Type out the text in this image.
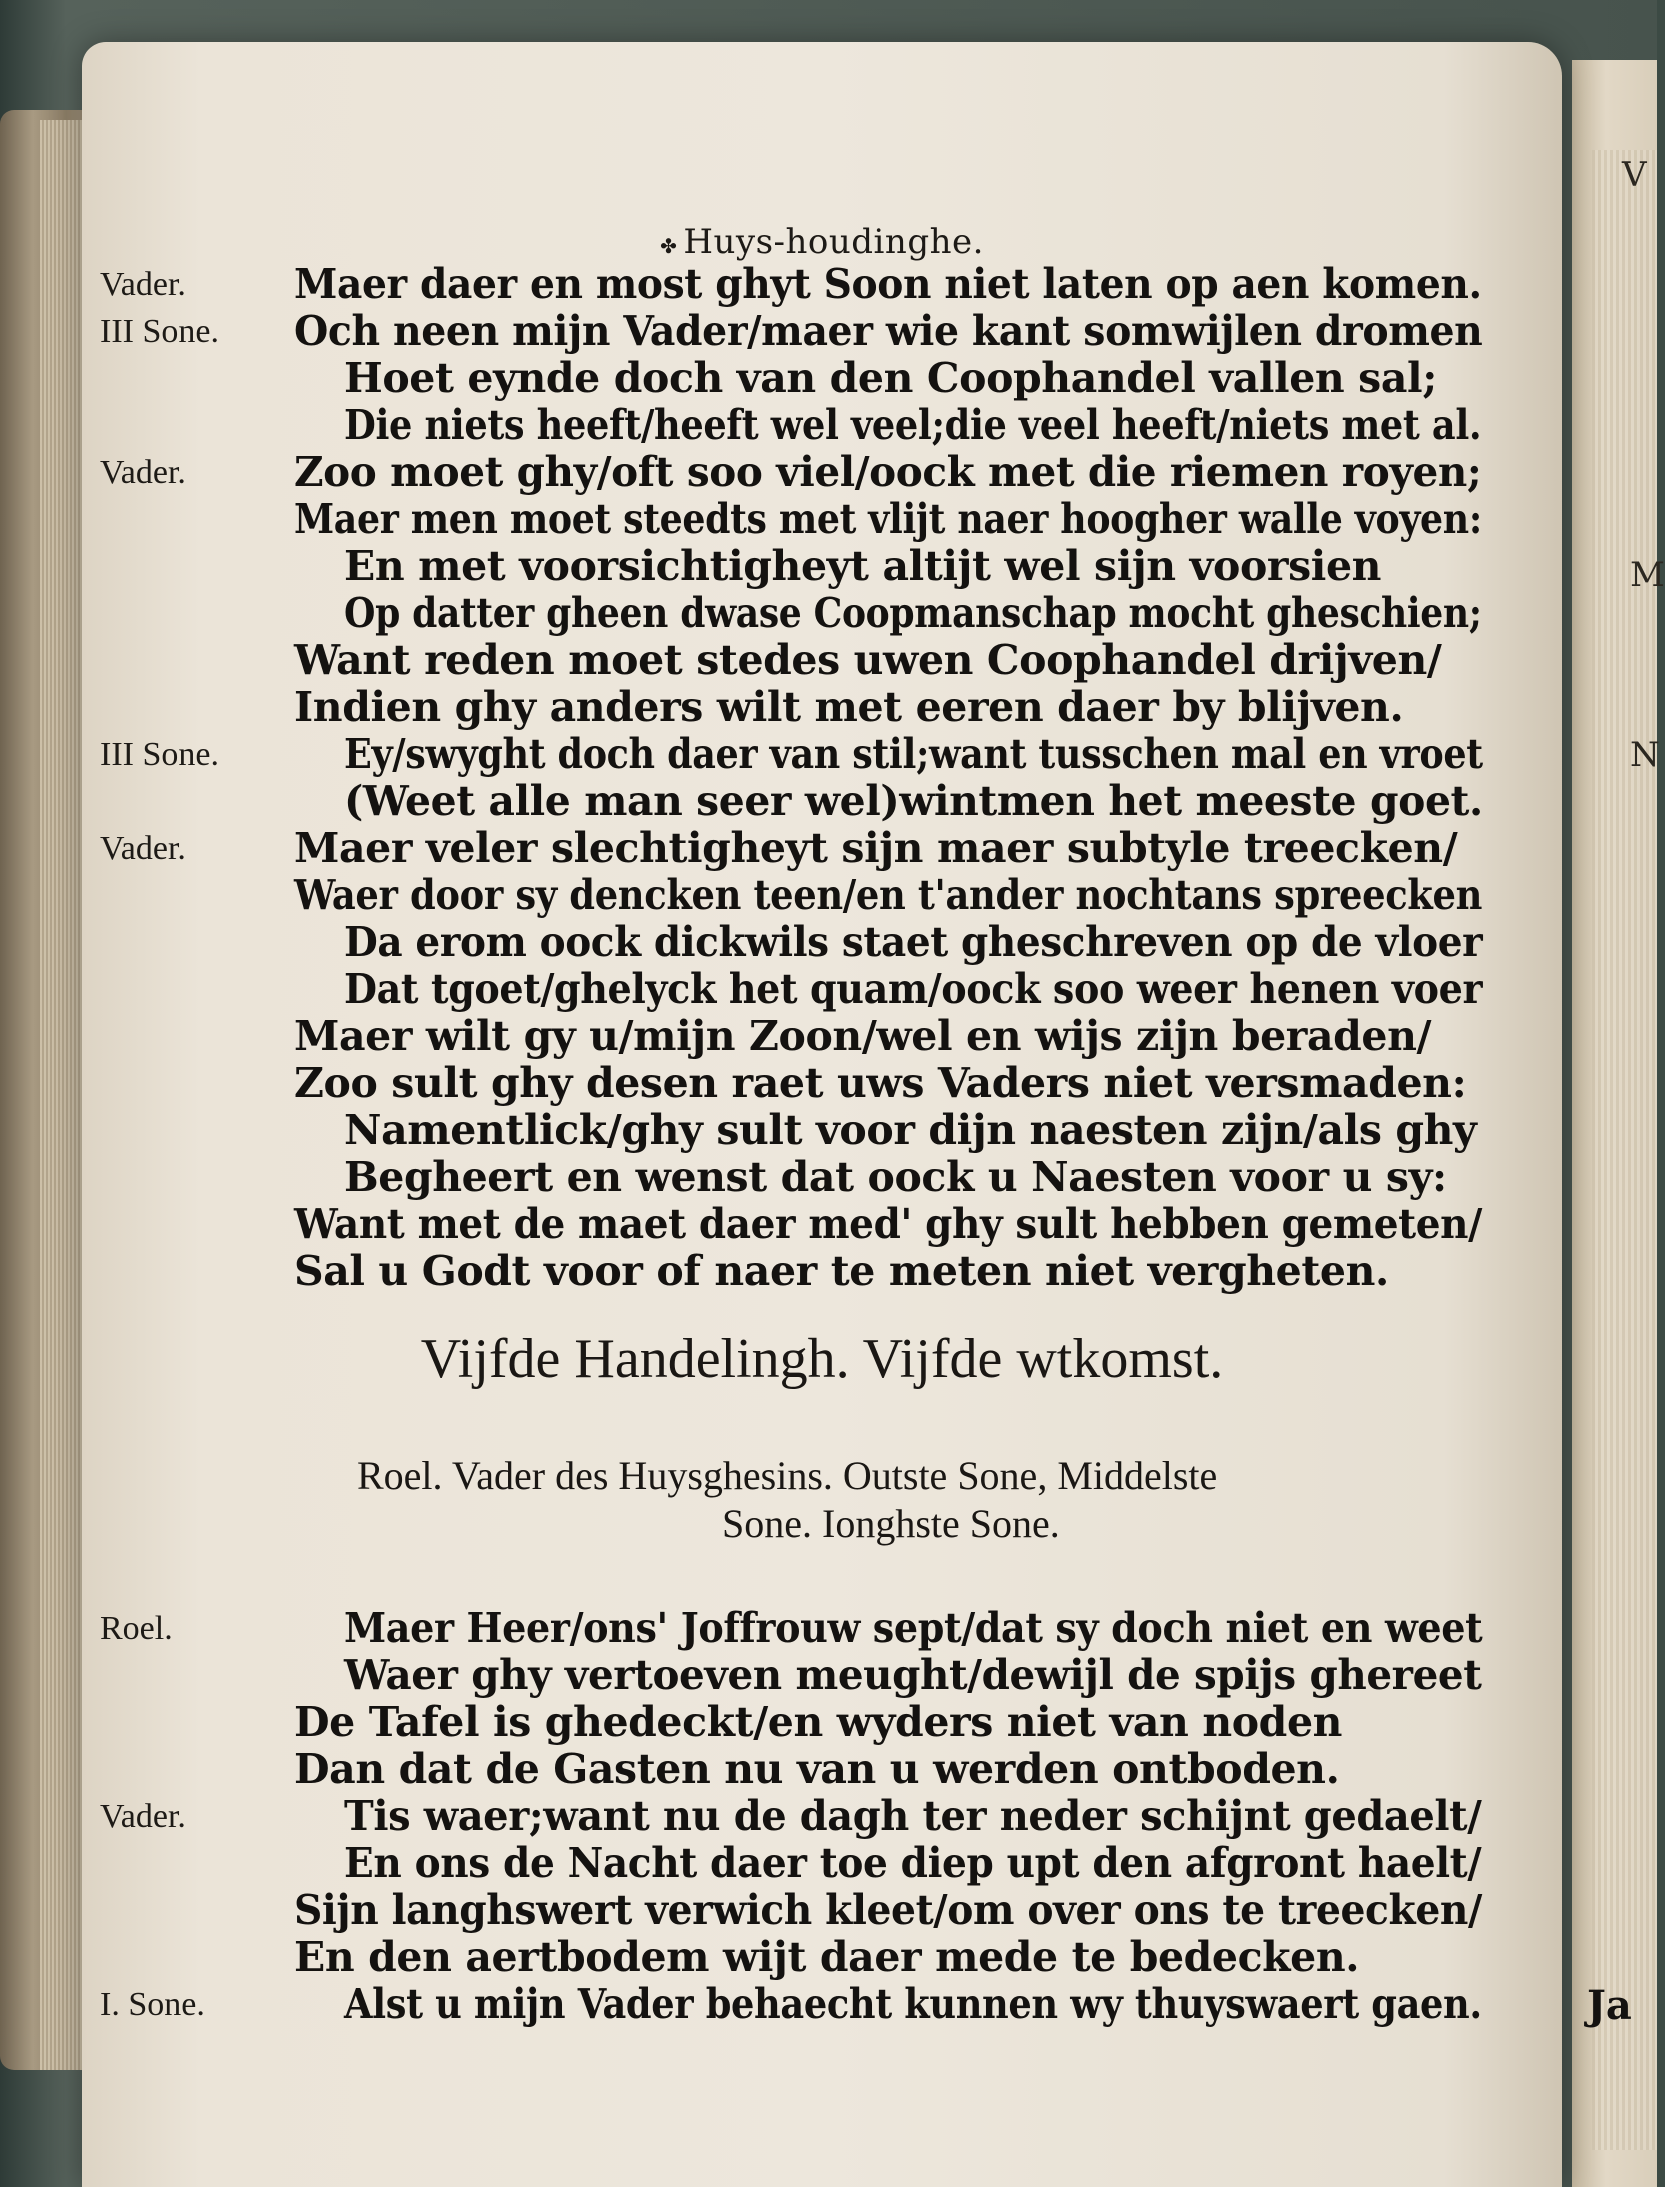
V
M
N
✤ Huys-houdinghe.
Vader.	Maer daer en most ghyt Soon niet laten op aen komen.
III Sone. Och neen mijn Vader/maer wie kant somwijlen dromen
Hoet eynde doch van den Coophandel vallen sal;
Die niets heeft/heeft wel veel;die veel heeft/niets met al.
Vader.	Zoo moet ghy/oft soo viel/oock met die riemen royen;
Maer men moet steedts met vlijt naer hoogher walle voyen:
En met voorsichtigheyt altijt wel sijn voorsien
Op datter gheen dwase Coopmanschap mocht gheschien;
Want reden moet stedes uwen Coophandel drijven/
Indien ghy anders wilt met eeren daer by blijven.
III Sone.	Ey/swyght doch daer van stil;want tusschen mal en vroet
(Weet alle man seer wel)wintmen het meeste goet.
Vader.	Maer veler slechtigheyt sijn maer subtyle treecken/
Waer door sy dencken teen/en t'ander nochtans spreecken
Da erom oock dickwils staet gheschreven op de vloer
Dat tgoet/ghelyck het quam/oock soo weer henen voer
Maer wilt gy u/mijn Zoon/wel en wijs zijn beraden/
Zoo sult ghy desen raet uws Vaders niet versmaden:
Namentlick/ghy sult voor dijn naesten zijn/als ghy
Begheert en wenst dat oock u Naesten voor u sy:
Want met de maet daer med' ghy sult hebben gemeten/
Sal u Godt voor of naer te meten niet vergheten.
Vijfde Handelingh. Vijfde wtkomst.
Roel. Vader des Huysghesins. Outste Sone, Middelste
Sone. Ionghste Sone.
Roel.	Maer Heer/ons' Joffrouw sept/dat sy doch niet en weet
Waer ghy vertoeven meught/dewijl de spijs ghereet
De Tafel is ghedeckt/en wyders niet van noden
Dan dat de Gasten nu van u werden ontboden.
Vader.	Tis waer;want nu de dagh ter neder schijnt gedaelt/
En ons de Nacht daer toe diep upt den afgront haelt/
Sijn langhswert verwich kleet/om over ons te treecken/
En den aertbodem wijt daer mede te bedecken.
I. Sone.	Alst u mijn Vader behaecht kunnen wy thuyswaert gaen.	Ja
